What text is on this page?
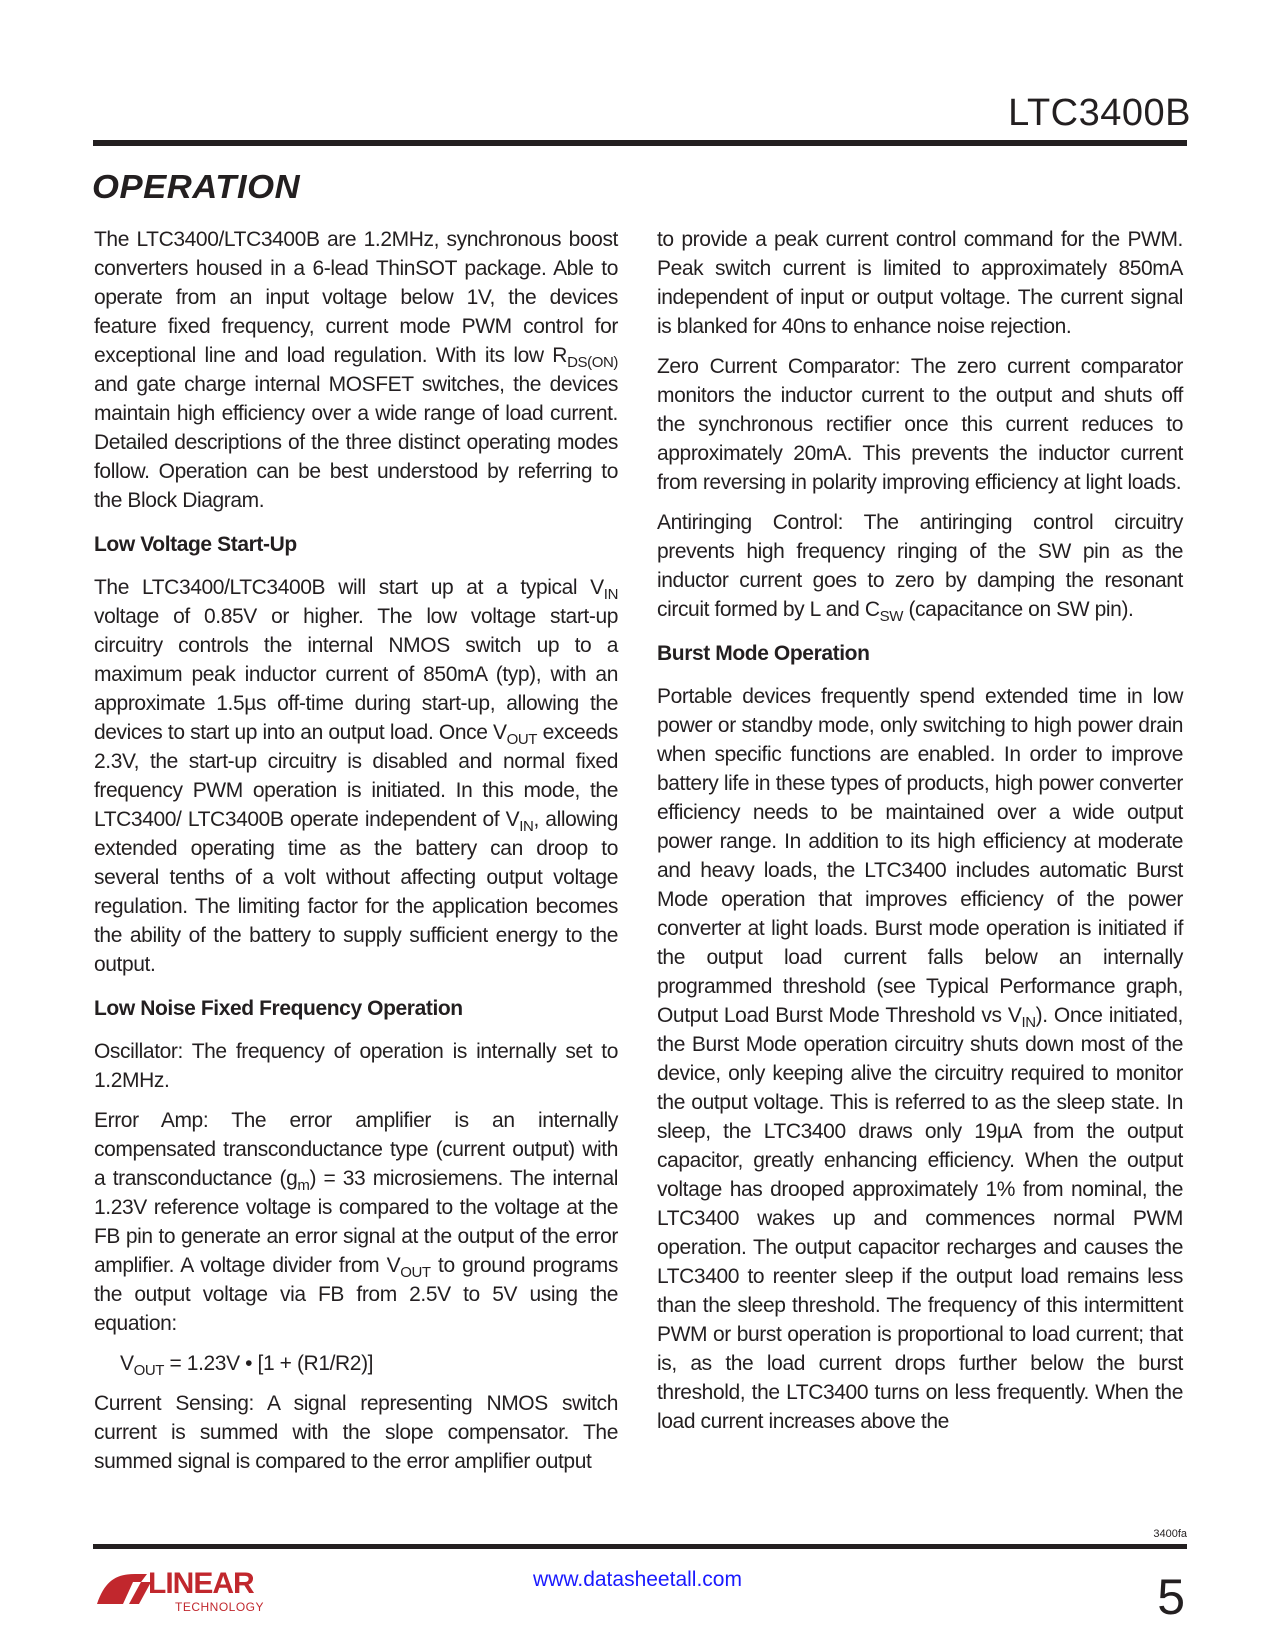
LTC3400B
OPERATION

The LTC3400/LTC3400B are 1.2MHz, synchronous boost converters housed in a 6-lead ThinSOT package. Able to operate from an input voltage below 1V, the devices feature fixed frequency, current mode PWM control for exceptional line and load regulation. With its low $R_{DS(ON)}$ and gate charge internal MOSFET switches, the devices maintain high efficiency over a wide range of load current. Detailed descriptions of the three distinct operating modes follow. Operation can be best understood by referring to the Block Diagram.

Low Voltage Start-Up

The LTC3400/LTC3400B will start up at a typical $V_{IN}$ voltage of 0.85V or higher. The low voltage start-up circuitry controls the internal NMOS switch up to a maximum peak inductor current of 850mA (typ), with an approximate 1.5µs off-time during start-up, allowing the devices to start up into an output load. Once $V_{OUT}$ exceeds 2.3V, the start-up circuitry is disabled and normal fixed frequency PWM operation is initiated. In this mode, the LTC3400/ LTC3400B operate independent of $V_{IN}$, allowing extended operating time as the battery can droop to several tenths of a volt without affecting output voltage regulation. The limiting factor for the application becomes the ability of the battery to supply sufficient energy to the output.

Low Noise Fixed Frequency Operation

Oscillator: The frequency of operation is internally set to 1.2MHz.

Error Amp: The error amplifier is an internally compensated transconductance type (current output) with a transconductance $(g_m) = 33$ microsiemens. The internal 1.23V reference voltage is compared to the voltage at the FB pin to generate an error signal at the output of the error amplifier. A voltage divider from $V_{OUT}$ to ground programs the output voltage via FB from 2.5V to 5V using the equation:

$V_{OUT} = 1.23V$ • [1 + (R1/R2)]

Current Sensing: A signal representing NMOS switch current is summed with the slope compensator. The summed signal is compared to the error amplifier output

to provide a peak current control command for the PWM. Peak switch current is limited to approximately 850mA independent of input or output voltage. The current signal is blanked for 40ns to enhance noise rejection.

Zero Current Comparator: The zero current comparator monitors the inductor current to the output and shuts off the synchronous rectifier once this current reduces to approximately 20mA. This prevents the inductor current from reversing in polarity improving efficiency at light loads.

Antiringing Control: The antiringing control circuitry prevents high frequency ringing of the SW pin as the inductor current goes to zero by damping the resonant circuit formed by L and $C_{SW}$ (capacitance on SW pin).

Burst Mode Operation

Portable devices frequently spend extended time in low power or standby mode, only switching to high power drain when specific functions are enabled. In order to improve battery life in these types of products, high power converter efficiency needs to be maintained over a wide output power range. In addition to its high efficiency at moderate and heavy loads, the LTC3400 includes automatic Burst Mode operation that improves efficiency of the power converter at light loads. Burst mode operation is initiated if the output load current falls below an internally programmed threshold (see Typical Performance graph, Output Load Burst Mode Threshold vs $V_{IN}$). Once initiated, the Burst Mode operation circuitry shuts down most of the device, only keeping alive the circuitry required to monitor the output voltage. This is referred to as the sleep state. In sleep, the LTC3400 draws only 19µA from the output capacitor, greatly enhancing efficiency. When the output voltage has drooped approximately 1% from nominal, the LTC3400 wakes up and commences normal PWM operation. The output capacitor recharges and causes the LTC3400 to reenter sleep if the output load remains less than the sleep threshold. The frequency of this intermittent PWM or burst operation is proportional to load current; that is, as the load current drops further below the burst threshold, the LTC3400 turns on less frequently. When the load current increases above the

3400fa
LINEAR
TECHNOLOGY
www.datasheetall.com	5
